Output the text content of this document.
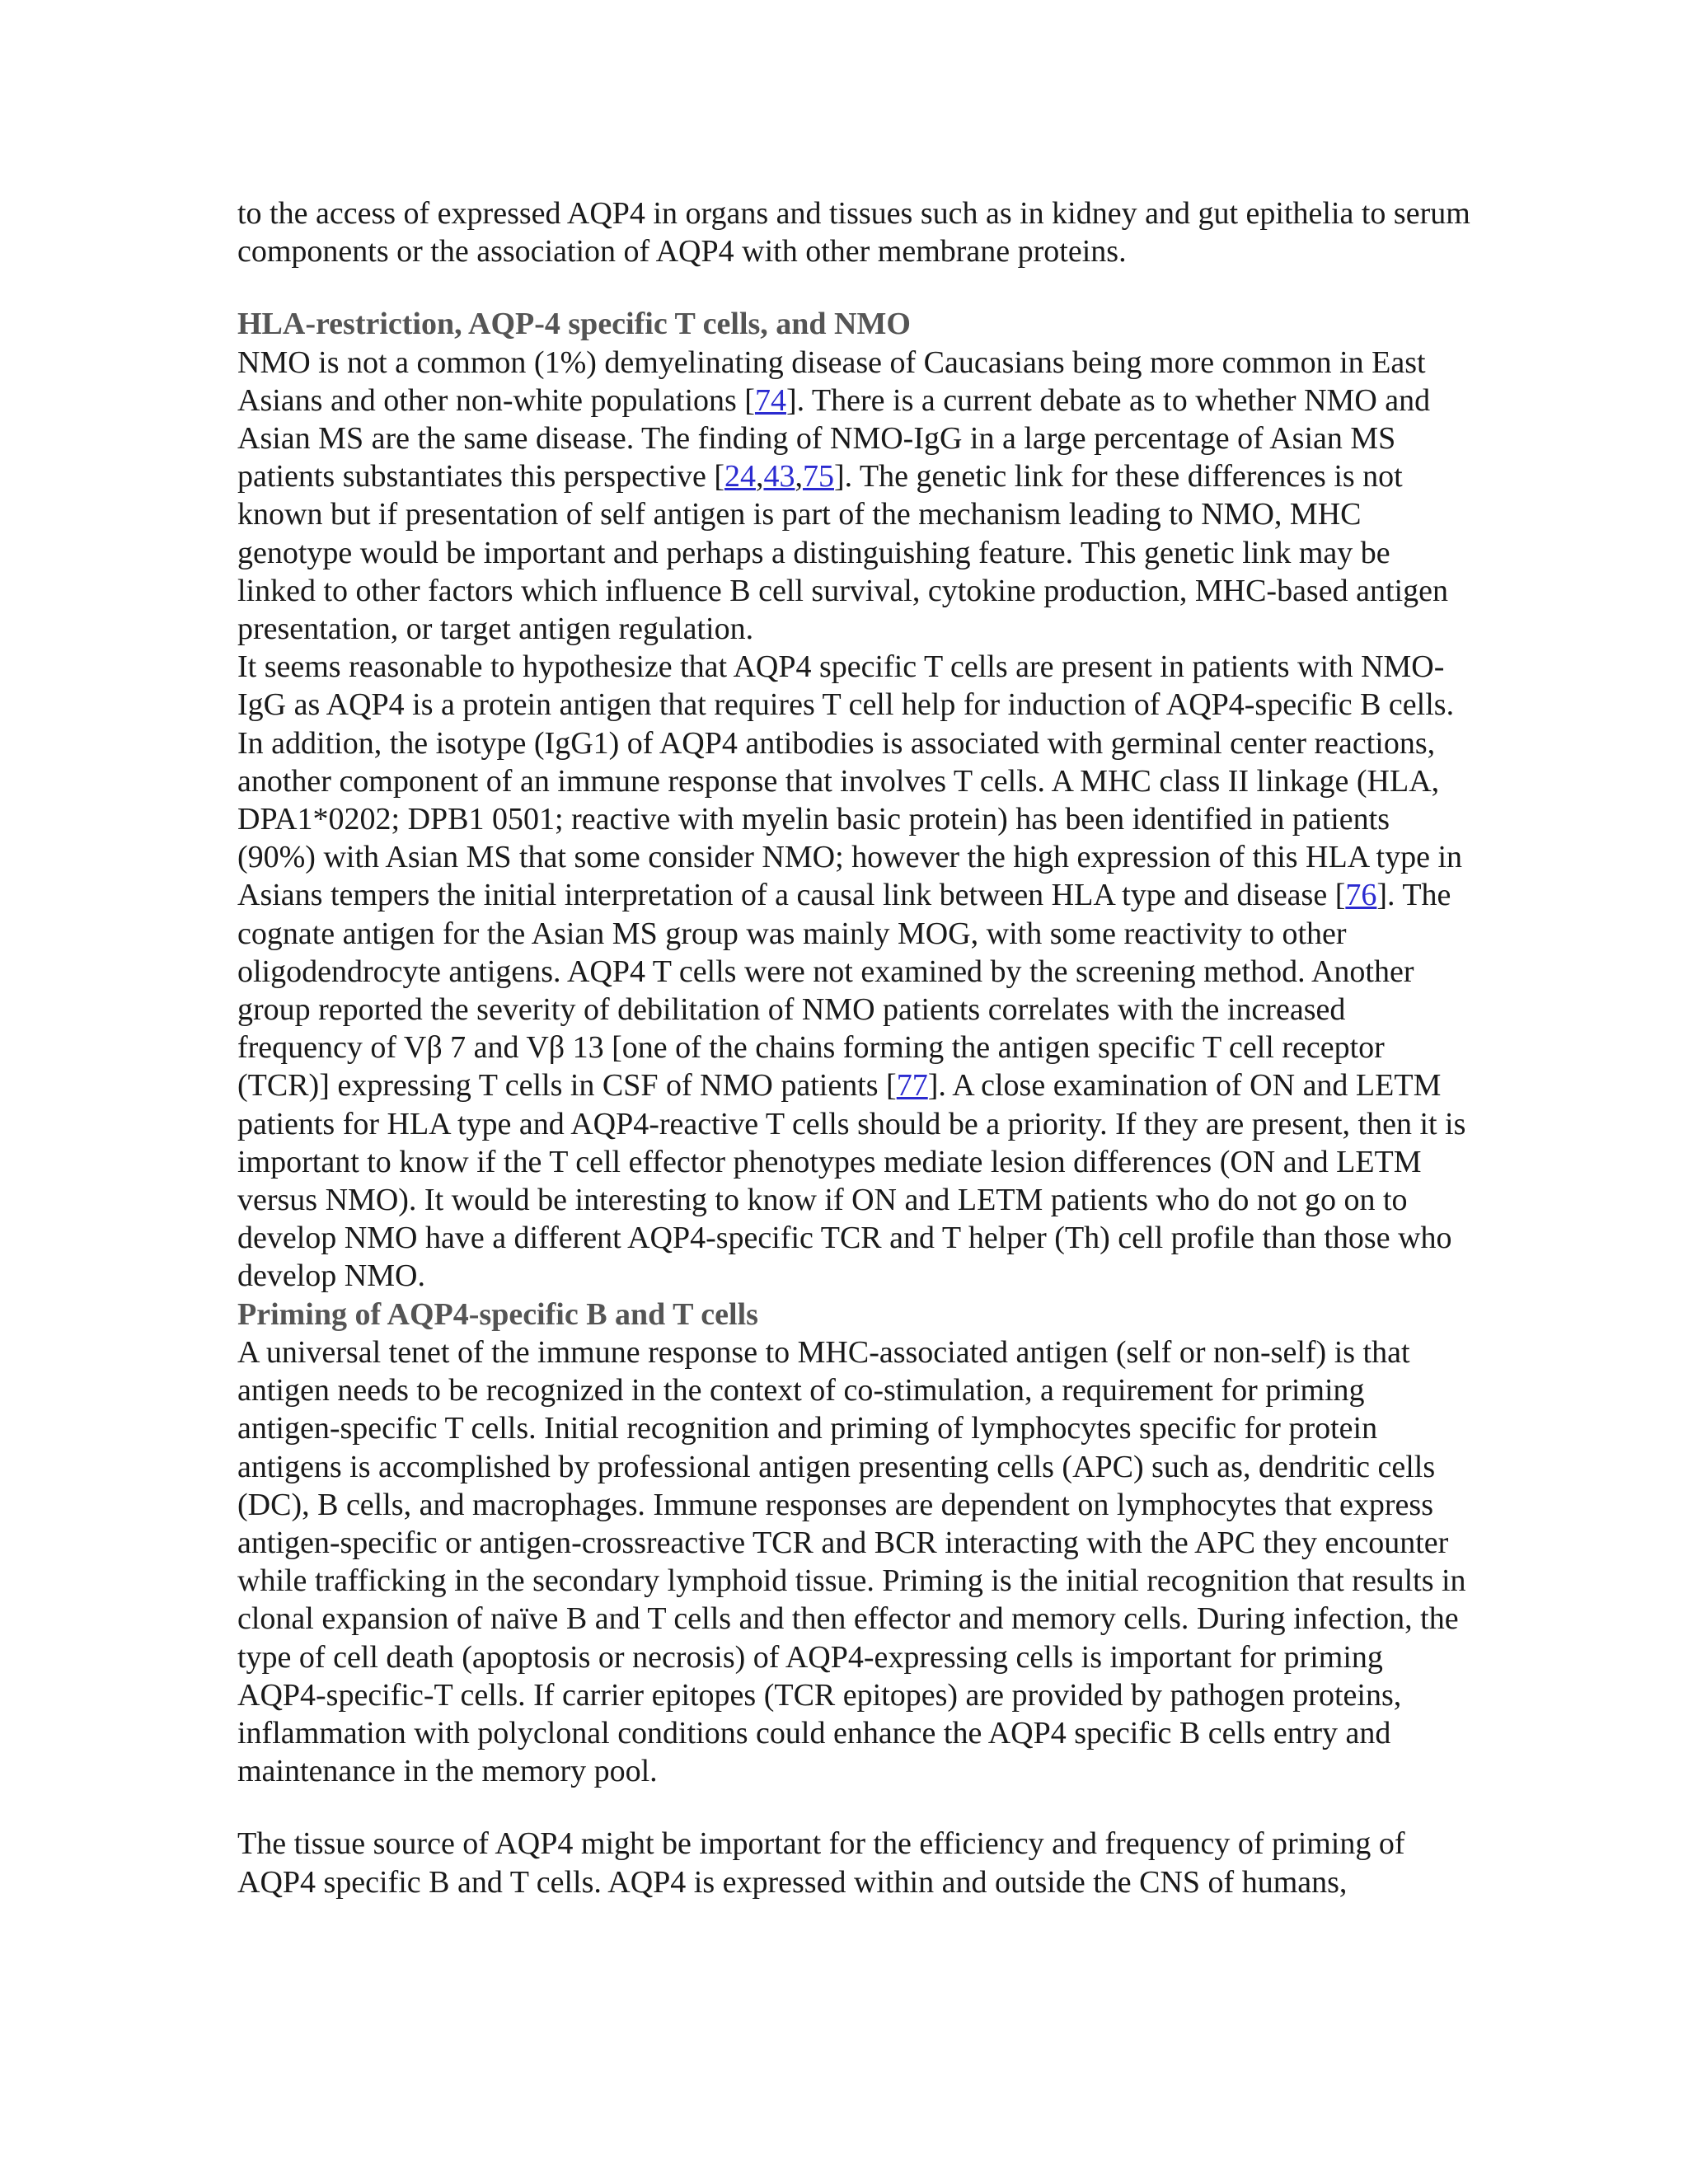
to the access of expressed AQP4 in organs and tissues such as in kidney and gut epithelia to serum components or the association of AQP4 with other membrane proteins.

HLA-restriction, AQP-4 specific T cells, and NMO

NMO is not a common (1%) demyelinating disease of Caucasians being more common in East Asians and other non-white populations [74]. There is a current debate as to whether NMO and Asian MS are the same disease. The finding of NMO-IgG in a large percentage of Asian MS patients substantiates this perspective [24,43,75]. The genetic link for these differences is not known but if presentation of self antigen is part of the mechanism leading to NMO, MHC genotype would be important and perhaps a distinguishing feature. This genetic link may be linked to other factors which influence B cell survival, cytokine production, MHC-based antigen presentation, or target antigen regulation.

It seems reasonable to hypothesize that AQP4 specific T cells are present in patients with NMO-IgG as AQP4 is a protein antigen that requires T cell help for induction of AQP4-specific B cells. In addition, the isotype (IgG1) of AQP4 antibodies is associated with germinal center reactions, another component of an immune response that involves T cells. A MHC class II linkage (HLA, DPA1*0202; DPB1 0501; reactive with myelin basic protein) has been identified in patients (90%) with Asian MS that some consider NMO; however the high expression of this HLA type in Asians tempers the initial interpretation of a causal link between HLA type and disease [76]. The cognate antigen for the Asian MS group was mainly MOG, with some reactivity to other oligodendrocyte antigens. AQP4 T cells were not examined by the screening method. Another group reported the severity of debilitation of NMO patients correlates with the increased frequency of Vβ 7 and Vβ 13 [one of the chains forming the antigen specific T cell receptor (TCR)] expressing T cells in CSF of NMO patients [77]. A close examination of ON and LETM patients for HLA type and AQP4-reactive T cells should be a priority. If they are present, then it is important to know if the T cell effector phenotypes mediate lesion differences (ON and LETM versus NMO). It would be interesting to know if ON and LETM patients who do not go on to develop NMO have a different AQP4-specific TCR and T helper (Th) cell profile than those who develop NMO.

Priming of AQP4-specific B and T cells

A universal tenet of the immune response to MHC-associated antigen (self or non-self) is that antigen needs to be recognized in the context of co-stimulation, a requirement for priming antigen-specific T cells. Initial recognition and priming of lymphocytes specific for protein antigens is accomplished by professional antigen presenting cells (APC) such as, dendritic cells (DC), B cells, and macrophages. Immune responses are dependent on lymphocytes that express antigen-specific or antigen-crossreactive TCR and BCR interacting with the APC they encounter while trafficking in the secondary lymphoid tissue. Priming is the initial recognition that results in clonal expansion of naïve B and T cells and then effector and memory cells. During infection, the type of cell death (apoptosis or necrosis) of AQP4-expressing cells is important for priming AQP4-specific-T cells. If carrier epitopes (TCR epitopes) are provided by pathogen proteins, inflammation with polyclonal conditions could enhance the AQP4 specific B cells entry and maintenance in the memory pool.

The tissue source of AQP4 might be important for the efficiency and frequency of priming of AQP4 specific B and T cells. AQP4 is expressed within and outside the CNS of humans,
